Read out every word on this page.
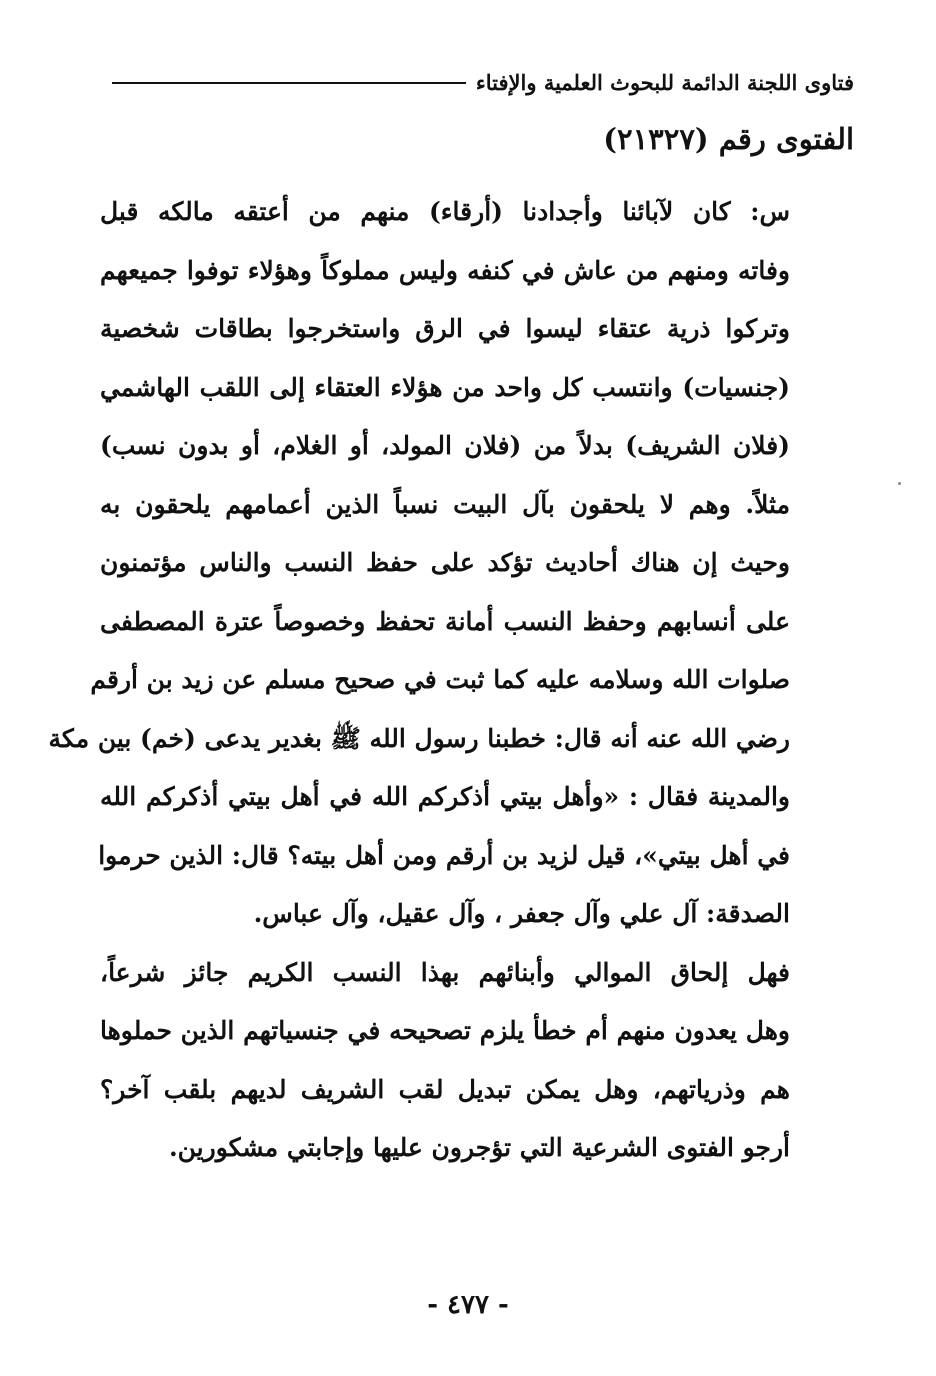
فتاوى اللجنة الدائمة للبحوث العلمية والإفتاء
الفتوى رقم (٢١٣٢٧)
س: كان لآبائنا وأجدادنا (أرقاء) منهم من أعتقه مالكه قبل
وفاته ومنهم من عاش في كنفه وليس مملوكاً وهؤلاء توفوا جميعهم
وتركوا ذرية عتقاء ليسوا في الرق واستخرجوا بطاقات شخصية
(جنسيات) وانتسب كل واحد من هؤلاء العتقاء إلى اللقب الهاشمي
(فلان الشريف) بدلاً من (فلان المولد، أو الغلام، أو بدون نسب)
مثلاً. وهم لا يلحقون بآل البيت نسباً الذين أعمامهم يلحقون به
وحيث إن هناك أحاديث تؤكد على حفظ النسب والناس مؤتمنون
على أنسابهم وحفظ النسب أمانة تحفظ وخصوصاً عترة المصطفى
صلوات الله وسلامه عليه كما ثبت في صحيح مسلم عن زيد بن أرقم
رضي الله عنه أنه قال: خطبنا رسول الله ﷺ بغدير يدعى (خم) بين مكة
والمدينة فقال : «وأهل بيتي أذكركم الله في أهل بيتي أذكركم الله
في أهل بيتي»، قيل لزيد بن أرقم ومن أهل بيته؟ قال: الذين حرموا
الصدقة: آل علي وآل جعفر ، وآل عقيل، وآل عباس.
فهل إلحاق الموالي وأبنائهم بهذا النسب الكريم جائز شرعاً،
وهل يعدون منهم أم خطأ يلزم تصحيحه في جنسياتهم الذين حملوها
هم وذرياتهم، وهل يمكن تبديل لقب الشريف لديهم بلقب آخر؟
أرجو الفتوى الشرعية التي تؤجرون عليها وإجابتي مشكورين.
- ٤٧٧ -
